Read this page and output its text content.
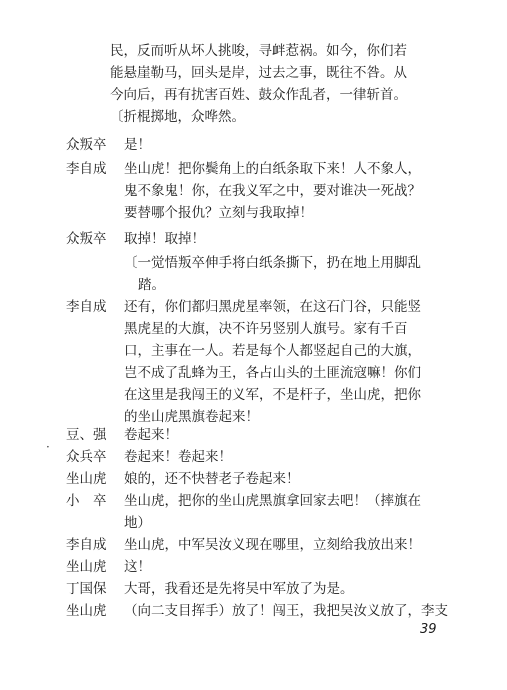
民，反而听从坏人挑唆，寻衅惹祸。如今，你们若
能悬崖勒马，回头是岸，过去之事，既往不咎。从
今向后，再有扰害百姓、鼓众作乱者，一律斩首。
〔折棍掷地，众哗然。
众叛卒	是！
李自成	坐山虎！把你鬓角上的白纸条取下来！人不象人，
鬼不象鬼！你，在我义军之中，要对谁决一死战？
要替哪个报仇？立刻与我取掉！
众叛卒	取掉！取掉！
〔一觉悟叛卒伸手将白纸条撕下，扔在地上用脚乱
踏。
李自成	还有，你们都归黑虎星率领，在这石门谷，只能竖
黑虎星的大旗，决不许另竖别人旗号。家有千百
口，主事在一人。若是每个人都竖起自己的大旗，
岂不成了乱蜂为王，各占山头的土匪流寇嘛！你们
在这里是我闯王的义军，不是杆子，坐山虎，把你
的坐山虎黑旗卷起来！
豆、强	卷起来！
·
众兵卒	卷起来！卷起来！
坐山虎	娘的，还不快替老子卷起来！
小　卒	坐山虎，把你的坐山虎黑旗拿回家去吧！（摔旗在
地）
李自成	坐山虎，中军吴汝义现在哪里，立刻给我放出来！
坐山虎	这！
丁国保	大哥，我看还是先将吴中军放了为是。
坐山虎	（向二支目挥手）放了！闯王，我把吴汝义放了，李支
39
